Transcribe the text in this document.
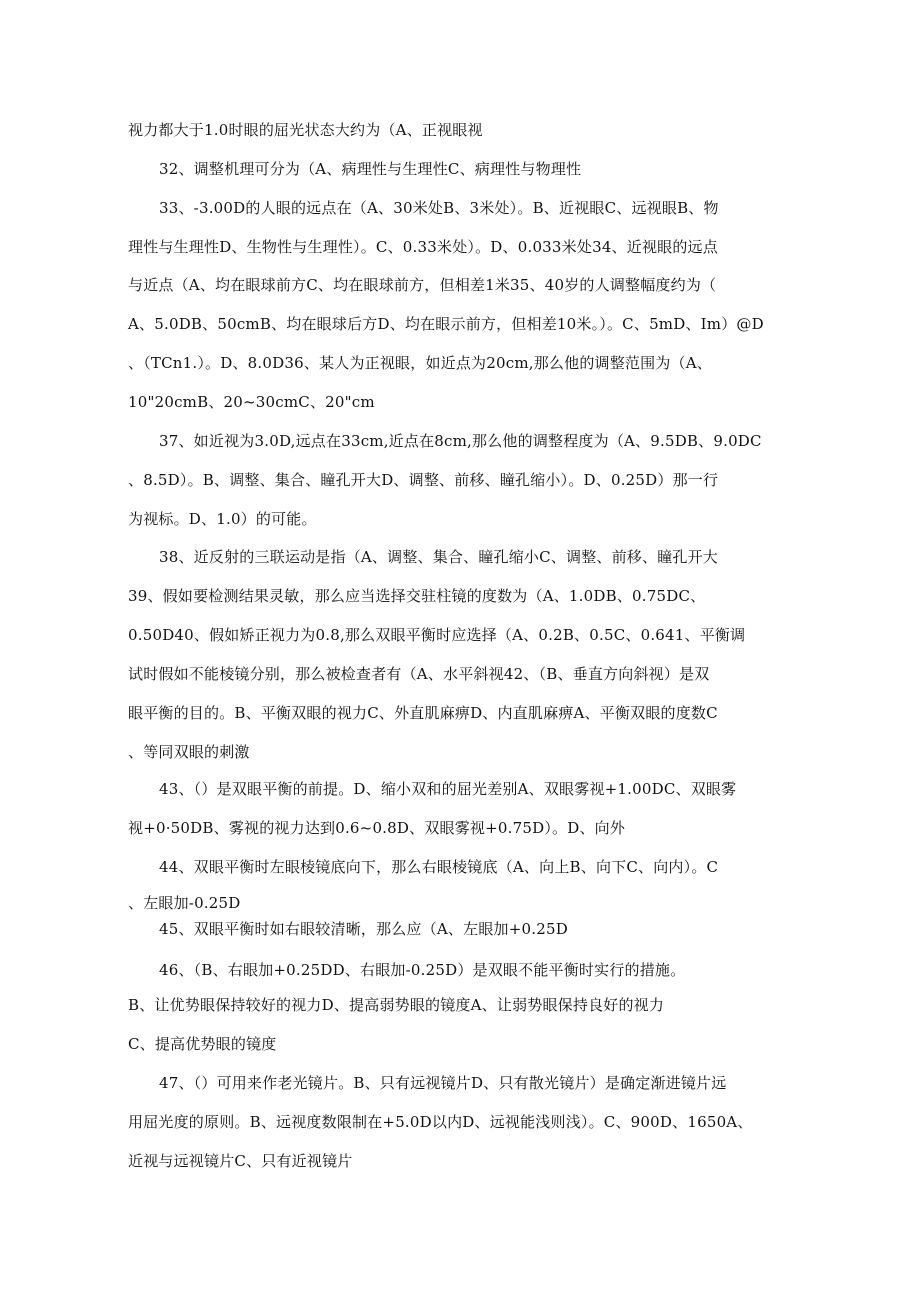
视力都大于1.0时眼的屈光状态大约为（A、正视眼视
32、调整机理可分为（A、病理性与生理性C、病理性与物理性
33、-3.00D的人眼的远点在（A、30米处B、3米处）。B、近视眼C、远视眼B、物
理性与生理性D、生物性与生理性）。C、0.33米处）。D、0.033米处34、近视眼的远点
与近点（A、均在眼球前方C、均在眼球前方，但相差1米35、40岁的人调整幅度约为（
A、5.0DB、50cmB、均在眼球后方D、均在眼示前方，但相差10米。）。C、5mD、Im）@D
、（TCn1.）。D、8.0D36、某人为正视眼，如近点为20cm,那么他的调整范围为（A、
10"20cmB、20~30cmC、20"cm
37、如近视为3.0D,远点在33cm,近点在8cm,那么他的调整程度为（A、9.5DB、9.0DC
、8.5D）。B、调整、集合、瞳孔开大D、调整、前移、瞳孔缩小）。D、0.25D）那一行
为视标。D、1.0）的可能。
38、近反射的三联运动是指（A、调整、集合、瞳孔缩小C、调整、前移、瞳孔开大
39、假如要检测结果灵敏，那么应当选择交驻柱镜的度数为（A、1.0DB、0.75DC、
0.50D40、假如矫正视力为0.8,那么双眼平衡时应选择（A、0.2B、0.5C、0.641、平衡调
试时假如不能棱镜分别，那么被检查者有（A、水平斜视42、（B、垂直方向斜视）是双
眼平衡的目的。B、平衡双眼的视力C、外直肌麻痹D、内直肌麻痹A、平衡双眼的度数C
、等同双眼的刺激
43、（）是双眼平衡的前提。D、缩小双和的屈光差别A、双眼雾视+1.00DC、双眼雾
视+0·50DB、雾视的视力达到0.6~0.8D、双眼雾视+0.75D）。D、向外
44、双眼平衡时左眼棱镜底向下，那么右眼棱镜底（A、向上B、向下C、向内）。C
、左眼加-0.25D
45、双眼平衡时如右眼较清晰，那么应（A、左眼加+0.25D
46、（B、右眼加+0.25DD、右眼加-0.25D）是双眼不能平衡时实行的措施。
B、让优势眼保持较好的视力D、提高弱势眼的镜度A、让弱势眼保持良好的视力
C、提高优势眼的镜度
47、（）可用来作老光镜片。B、只有远视镜片D、只有散光镜片）是确定渐进镜片远
用屈光度的原则。B、远视度数限制在+5.0D以内D、远视能浅则浅）。C、900D、1650A、
近视与远视镜片C、只有近视镜片
